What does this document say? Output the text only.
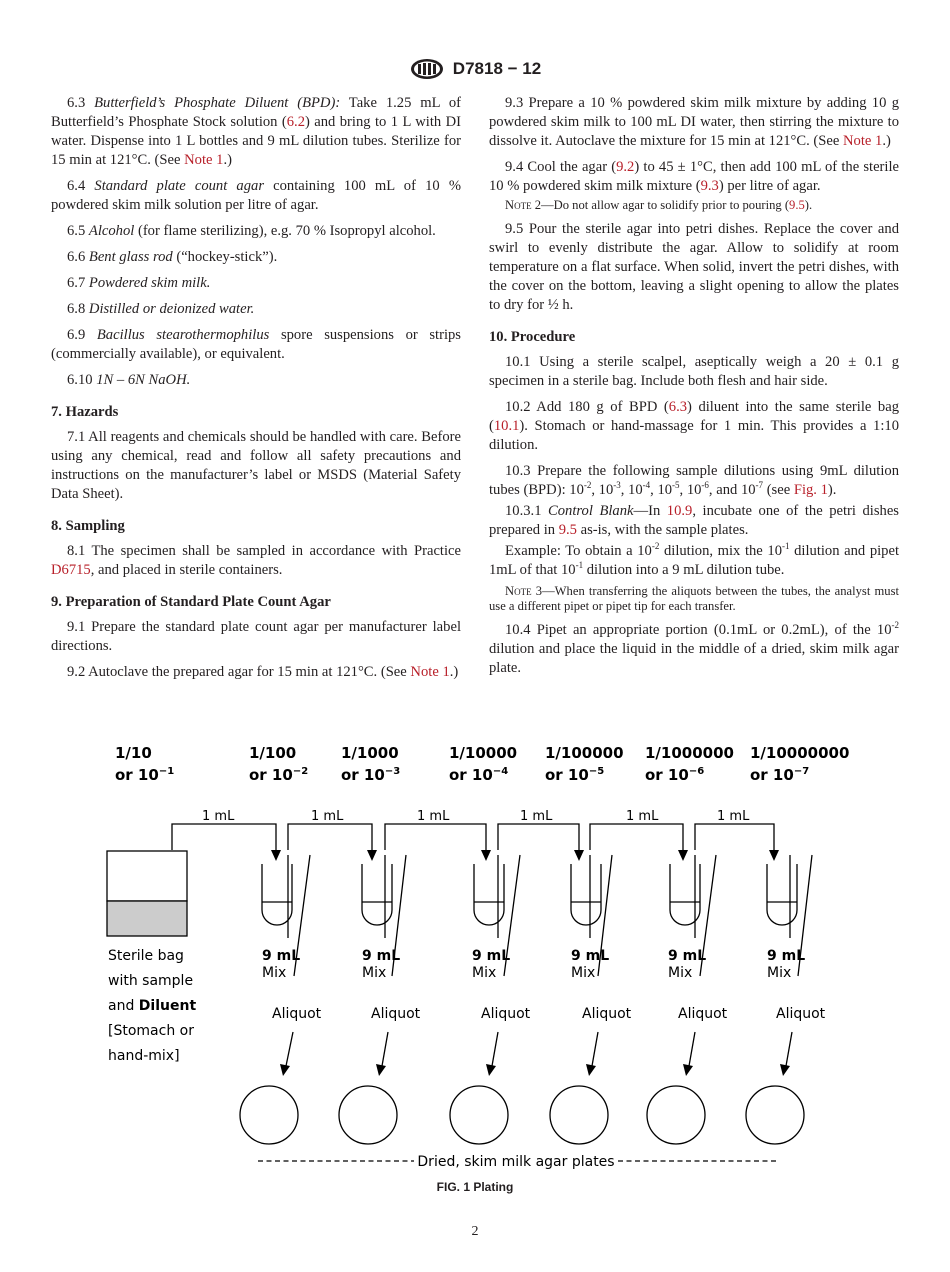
D7818 − 12

6.3 Butterfield’s Phosphate Diluent (BPD): Take 1.25 mL of Butterfield’s Phosphate Stock solution (6.2) and bring to 1 L with DI water. Dispense into 1 L bottles and 9 mL dilution tubes. Sterilize for 15 min at 121°C. (See Note 1.)

6.4 Standard plate count agar containing 100 mL of 10 % powdered skim milk solution per litre of agar.

6.5 Alcohol (for flame sterilizing), e.g. 70 % Isopropyl alcohol.

6.6 Bent glass rod (“hockey-stick”).

6.7 Powdered skim milk.

6.8 Distilled or deionized water.

6.9 Bacillus stearothermophilus spore suspensions or strips (commercially available), or equivalent.

6.10 1N – 6N NaOH.

7. Hazards

7.1 All reagents and chemicals should be handled with care. Before using any chemical, read and follow all safety precautions and instructions on the manufacturer’s label or MSDS (Material Safety Data Sheet).

8. Sampling

8.1 The specimen shall be sampled in accordance with Practice D6715, and placed in sterile containers.

9. Preparation of Standard Plate Count Agar

9.1 Prepare the standard plate count agar per manufacturer label directions.

9.2 Autoclave the prepared agar for 15 min at 121°C. (See Note 1.)

9.3 Prepare a 10 % powdered skim milk mixture by adding 10 g powdered skim milk to 100 mL DI water, then stirring the mixture to dissolve it. Autoclave the mixture for 15 min at 121°C. (See Note 1.)

9.4 Cool the agar (9.2) to 45 ± 1°C, then add 100 mL of the sterile 10 % powdered skim milk mixture (9.3) per litre of agar.

Note 2—Do not allow agar to solidify prior to pouring (9.5).

9.5 Pour the sterile agar into petri dishes. Replace the cover and swirl to evenly distribute the agar. Allow to solidify at room temperature on a flat surface. When solid, invert the petri dishes, with the cover on the bottom, leaving a slight opening to allow the plates to dry for ½ h.

10. Procedure

10.1 Using a sterile scalpel, aseptically weigh a 20 ± 0.1 g specimen in a sterile bag. Include both flesh and hair side.

10.2 Add 180 g of BPD (6.3) diluent into the same sterile bag (10.1). Stomach or hand-massage for 1 min. This provides a 1:10 dilution.

10.3 Prepare the following sample dilutions using 9mL dilution tubes (BPD): $10^{-2}$, $10^{-3}$, $10^{-4}$, $10^{-5}$, $10^{-6}$, and $10^{-7}$ (see Fig. 1).

10.3.1 Control Blank—In 10.9, incubate one of the petri dishes prepared in 9.5 as-is, with the sample plates.

Example: To obtain a $10^{-2}$ dilution, mix the $10^{-1}$ dilution and pipet 1mL of that $10^{-1}$ dilution into a 9 mL dilution tube.

Note 3—When transferring the aliquots between the tubes, the analyst must use a different pipet or pipet tip for each transfer.

10.4 Pipet an appropriate portion (0.1mL or 0.2mL), of the $10^{-2}$ dilution and place the liquid in the middle of a dried, skim milk agar plate.

1/10
or $10^{-1}$
1/100
or $10^{-2}$
1/1000
or $10^{-3}$
1/10000
or $10^{-4}$
1/100000
or $10^{-5}$
1/1000000
or $10^{-6}$
1/10000000
or $10^{-7}$
1 mL	1 mL	1 mL	1 mL	1 mL	1 mL
Sterile bag
with sample
and Diluent
[Stomach or
hand-mix]
9 mL
Mix
9 mL
Mix
9 mL
Mix
9 mL
Mix
9 mL
Mix
9 mL
Mix
Aliquot	Aliquot	Aliquot	Aliquot	Aliquot	Aliquot
Dried, skim milk agar plates
FIG. 1 Plating
2
